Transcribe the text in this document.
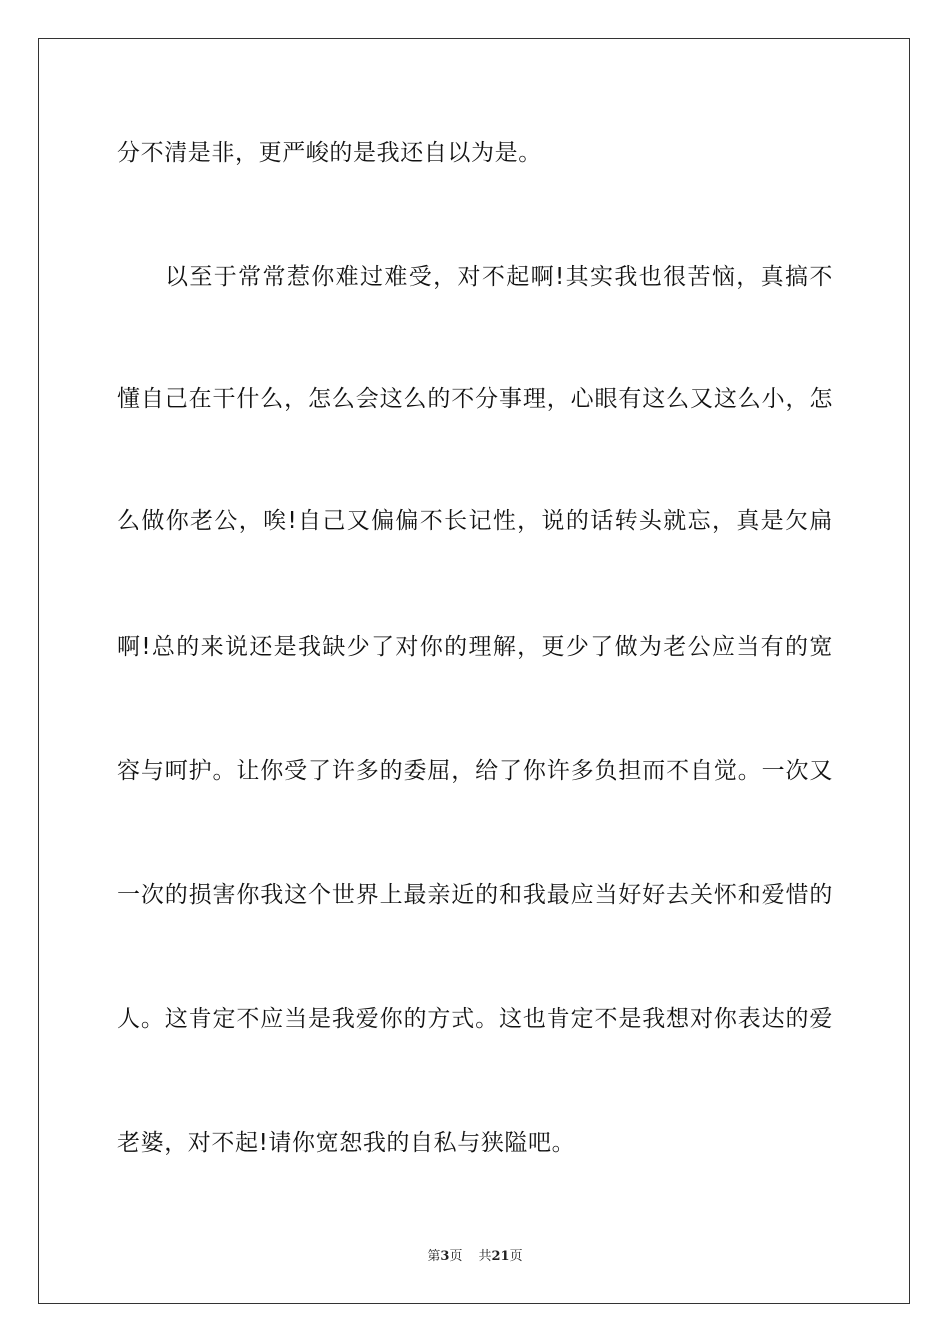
分不清是非，更严峻的是我还自以为是。
以至于常常惹你难过难受，对不起啊!其实我也很苦恼，真搞不
懂自己在干什么，怎么会这么的不分事理，心眼有这么又这么小，怎
么做你老公，唉!自己又偏偏不长记性，说的话转头就忘，真是欠扁
啊!总的来说还是我缺少了对你的理解，更少了做为老公应当有的宽
容与呵护。让你受了许多的委屈，给了你许多负担而不自觉。一次又
一次的损害你我这个世界上最亲近的和我最应当好好去关怀和爱惜的
人。这肯定不应当是我爱你的方式。这也肯定不是我想对你表达的爱
老婆，对不起!请你宽恕我的自私与狭隘吧。
第3页 共21页
